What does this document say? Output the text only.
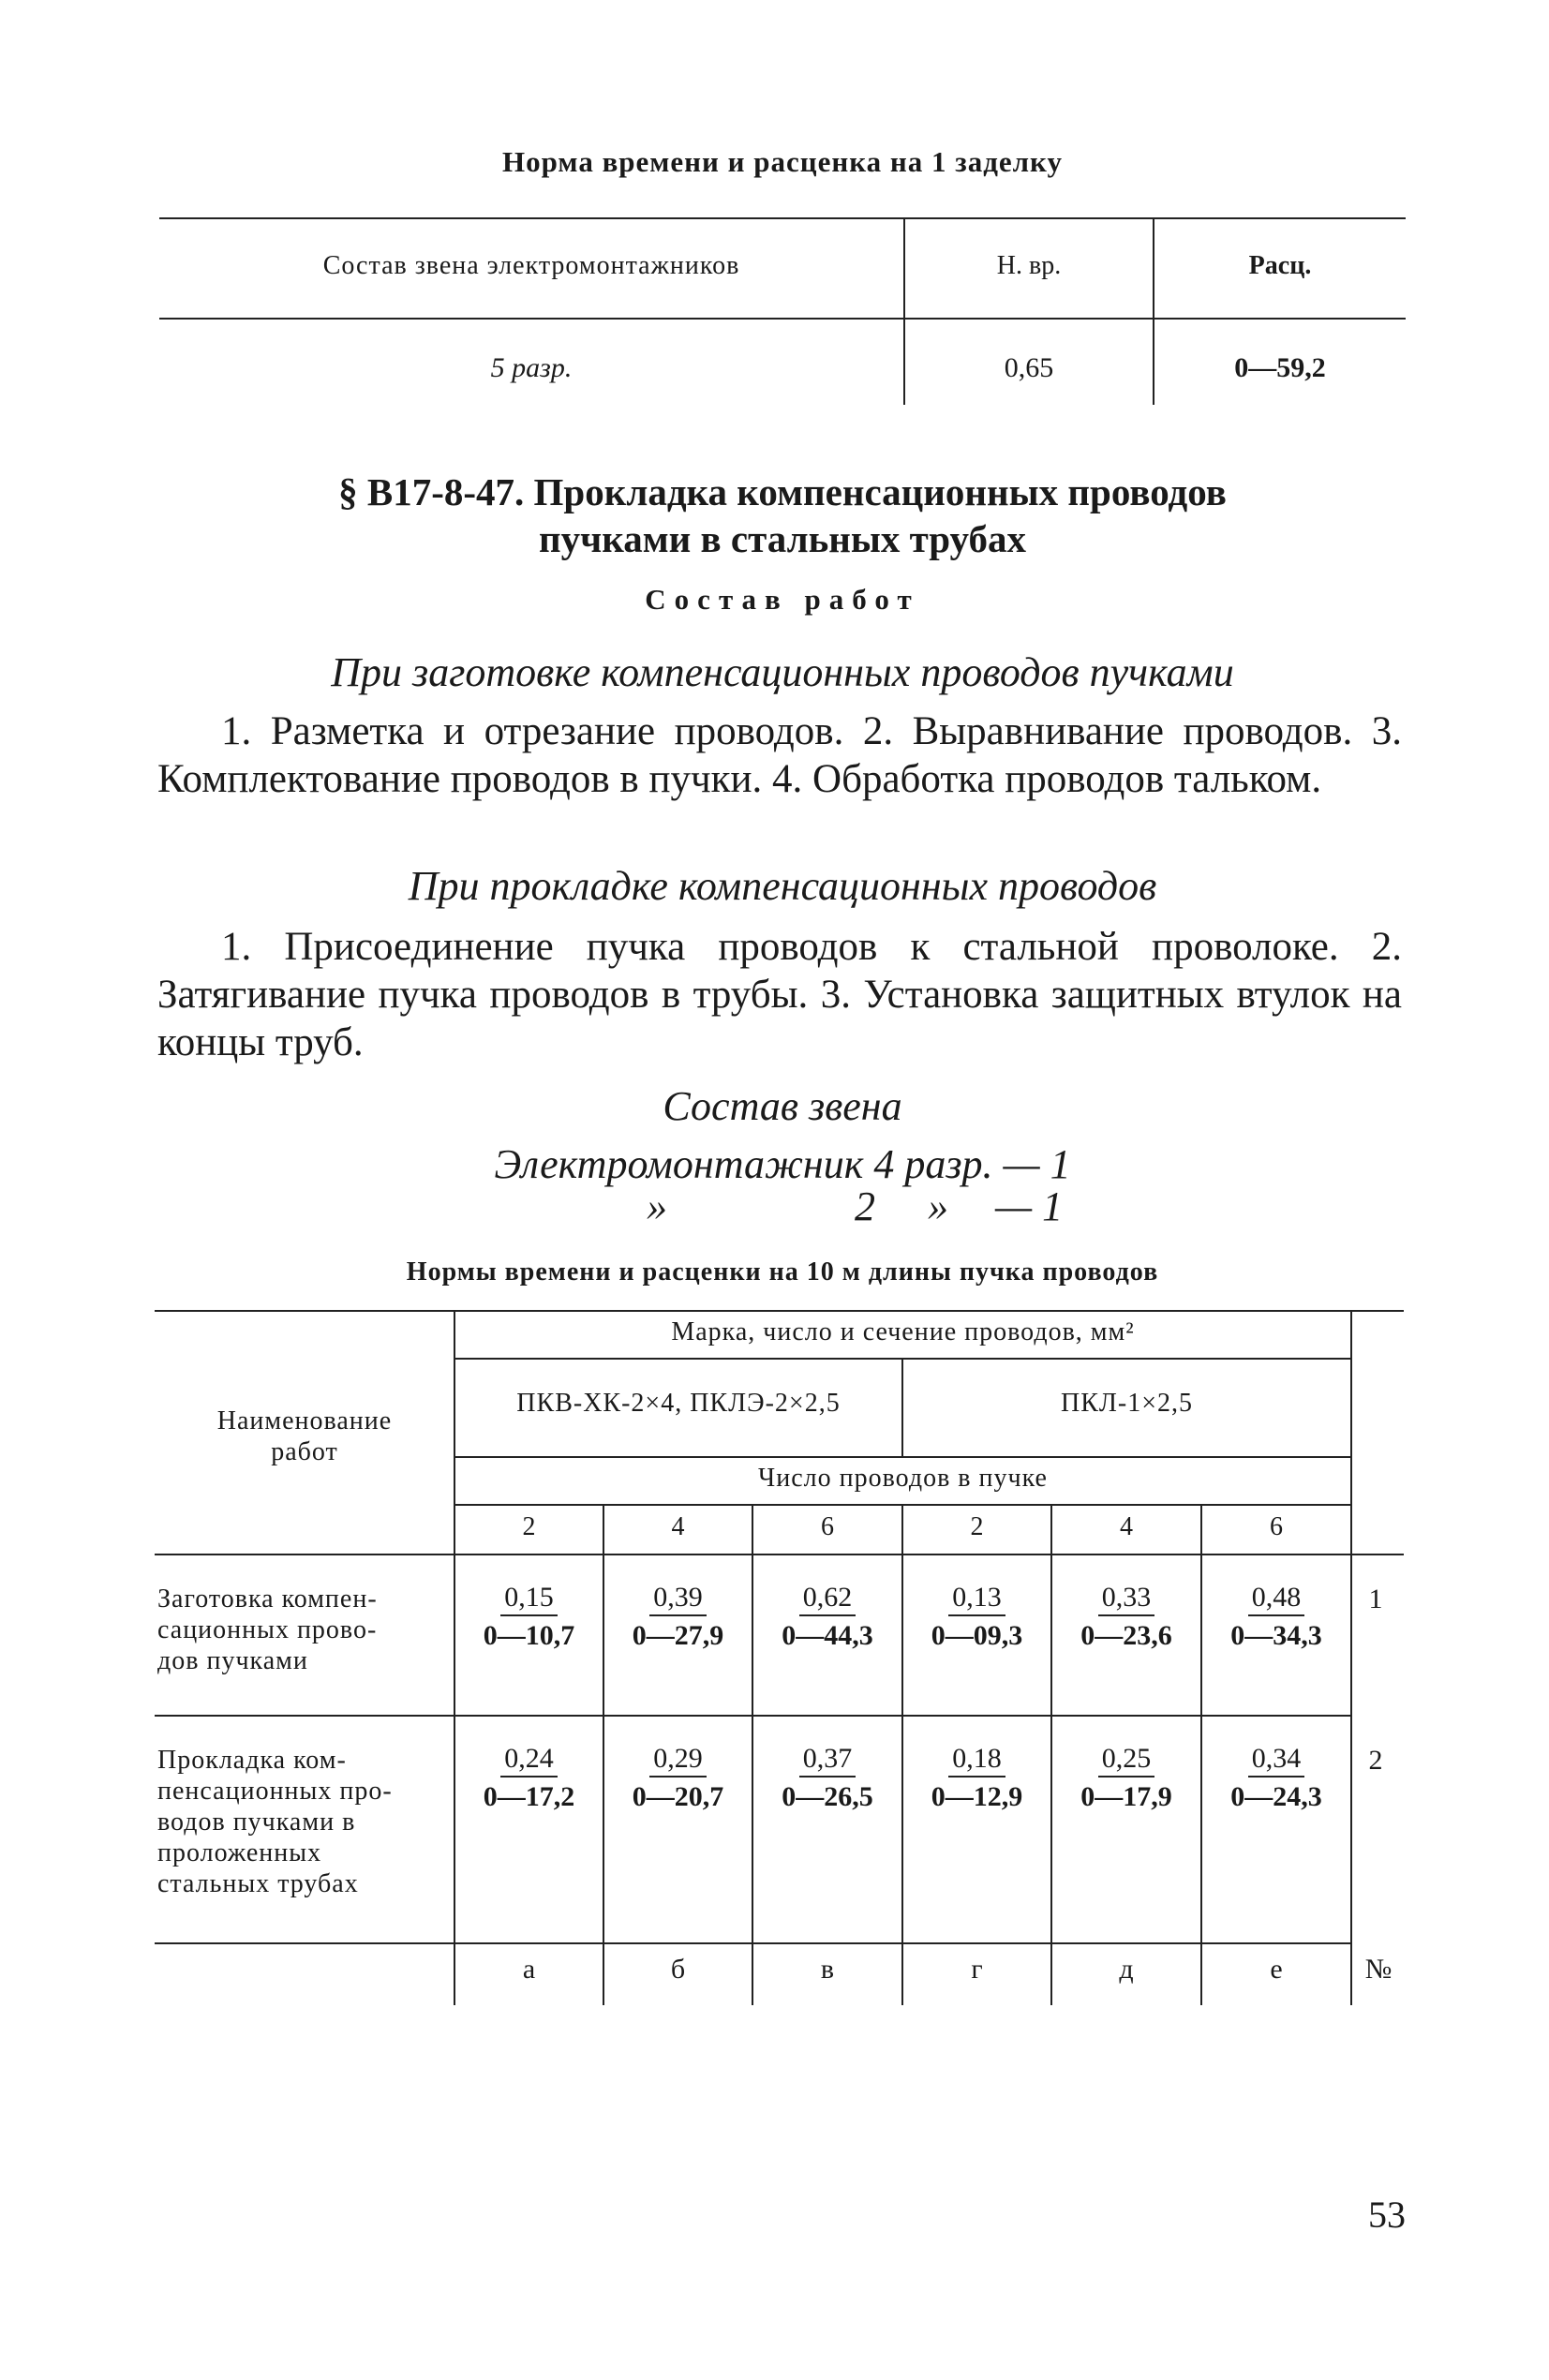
Норма времени и расценка на 1 заделку
Состав звена электромонтажников	Н. вр.	Расц.
5 разр.	0,65	0—59,2
§ В17-8-47. Прокладка компенсационных проводов
пучками в стальных трубах
Состав работ
При заготовке компенсационных проводов пучками
1. Разметка и отрезание проводов. 2. Выравнивание проводов. 3. Комплектование проводов в пучки. 4. Обработка проводов тальком.
При прокладке компенсационных проводов
1. Присоединение пучка проводов к стальной проволоке. 2. Затягивание пучка проводов в трубы. 3. Установка защитных втулок на концы труб.
Состав звена
Электромонтажник 4 разр. — 1
»	2 » — 1
Нормы времени и расценки на 10 м длины пучка проводов
Наименование работ
Марка, число и сечение проводов, мм²
ПКВ-ХК-2×4, ПКЛЭ-2×2,5	ПКЛ-1×2,5
Число проводов в пучке
2	4	6	2	4	6
Заготовка компен-
сационных прово-
дов пучками
$\frac{0,15}{0—10,7} \frac{0,39}{0—27,9} \frac{0,62}{0—44,3} \frac{0,13}{0—09,3} \frac{0,33}{0—23,6} \frac{0,48}{0—34,3} 1$
Прокладка ком-
пенсационных про-
водов пучками в
проложенных
стальных трубах
$\frac{0,24}{0—17,2} \frac{0,29}{0—20,7} \frac{0,37}{0—26,5} \frac{0,18}{0—12,9} \frac{0,25}{0—17,9} \frac{0,34}{0—24,3} 2$
а	б	в	г	д	е	№
53
